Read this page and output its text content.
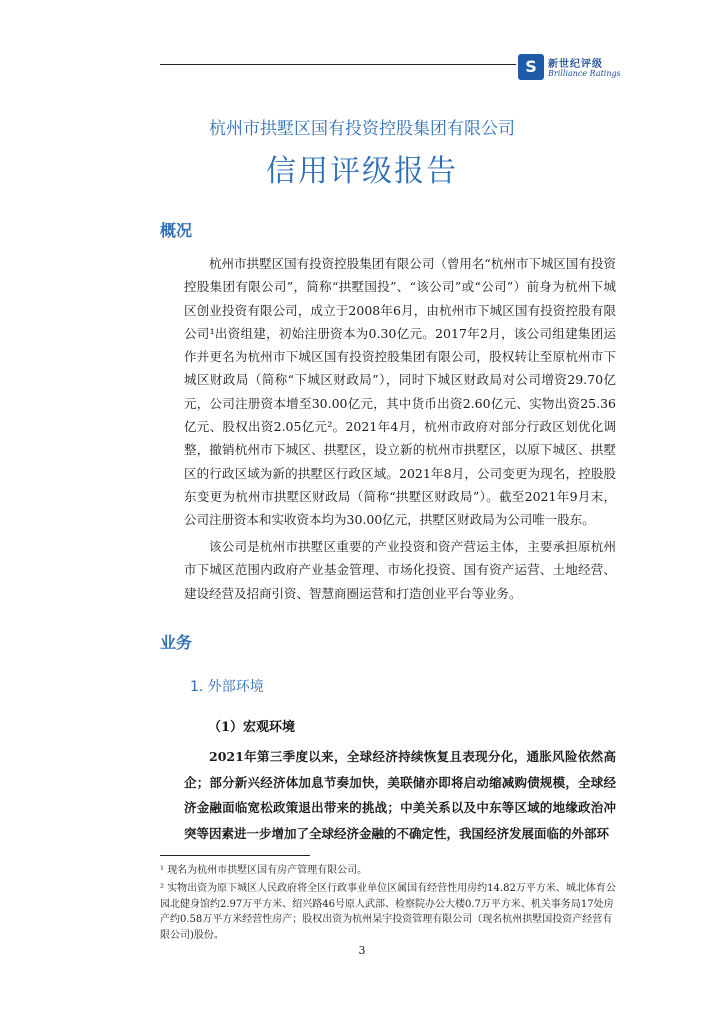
S	新世纪评级
Brilliance Ratings
杭州市拱墅区国有投资控股集团有限公司
信用评级报告
概况

杭州市拱墅区国有投资控股集团有限公司（曾用名“杭州市下城区国有投资控股集团有限公司”，简称“拱墅国投”、“该公司”或“公司”）前身为杭州下城区创业投资有限公司，成立于2008年6月，由杭州市下城区国有投资控股有限公司¹出资组建，初始注册资本为0.30亿元。2017年2月，该公司组建集团运作并更名为杭州市下城区国有投资控股集团有限公司，股权转让至原杭州市下城区财政局（简称“下城区财政局”），同时下城区财政局对公司增资29.70亿元，公司注册资本增至30.00亿元，其中货币出资2.60亿元、实物出资25.36亿元、股权出资2.05亿元²。2021年4月，杭州市政府对部分行政区划优化调整，撤销杭州市下城区、拱墅区，设立新的杭州市拱墅区，以原下城区、拱墅区的行政区域为新的拱墅区行政区域。2021年8月，公司变更为现名，控股股东变更为杭州市拱墅区财政局（简称“拱墅区财政局”）。截至2021年9月末，公司注册资本和实收资本均为30.00亿元，拱墅区财政局为公司唯一股东。

该公司是杭州市拱墅区重要的产业投资和资产营运主体，主要承担原杭州市下城区范围内政府产业基金管理、市场化投资、国有资产运营、土地经营、建设经营及招商引资、智慧商圈运营和打造创业平台等业务。

业务
1. 外部环境
（1）宏观环境

2021年第三季度以来，全球经济持续恢复且表现分化，通胀风险依然高企；部分新兴经济体加息节奏加快，美联储亦即将启动缩减购债规模，全球经济金融面临宽松政策退出带来的挑战；中美关系以及中东等区域的地缘政治冲突等因素进一步增加了全球经济金融的不确定性，我国经济发展面临的外部环

¹ 现名为杭州市拱墅区国有房产管理有限公司。

² 实物出资为原下城区人民政府将全区行政事业单位区属国有经营性用房约14.82万平方米、城北体育公园北健身馆约2.97万平方米、绍兴路46号原人武部、检察院办公大楼0.7万平方米、机关事务局17处房产约0.58万平方米经营性房产；股权出资为杭州杲宇投资管理有限公司（现名杭州拱墅国投资产经营有限公司)股份。

3
